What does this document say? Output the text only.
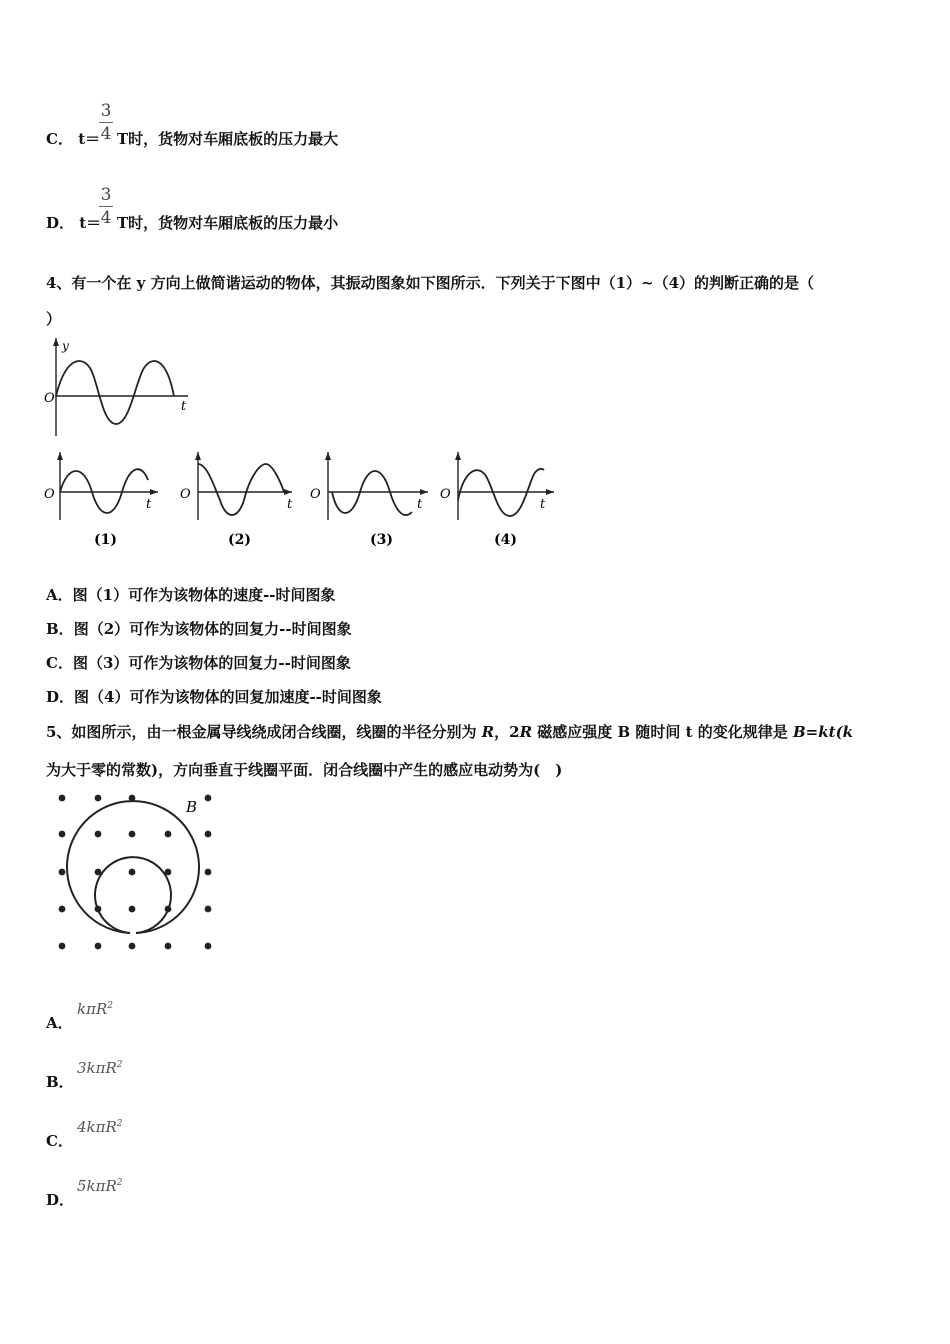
C． t＝
$\frac{3}{4}$ T时，货物对车厢底板的压力最大
D． t＝
$\frac{3}{4}$ T时，货物对车厢底板的压力最小
4、有一个在 y 方向上做简谐运动的物体，其振动图象如下图所示．下列关于下图中（1）~（4）的判断正确的是（
）
y
t
O
O
t
(1)
O
t
(2)
O
t
(3)
O
t
(4)
A．图（1）可作为该物体的速度--时间图象
B．图（2）可作为该物体的回复力--时间图象
C．图（3）可作为该物体的回复力--时间图象
D．图（4）可作为该物体的回复加速度--时间图象
5、如图所示，由一根金属导线绕成闭合线圈，线圈的半径分别为 R，2R 磁感应强度 B 随时间 t 的变化规律是 B=kt(k
为大于零的常数)，方向垂直于线圈平面．闭合线圈中产生的感应电动势为(　)
B
A．
kπR$^2$
B．
3kπR$^2$
C．
4kπR$^2$
D．
5kπR$^2$
